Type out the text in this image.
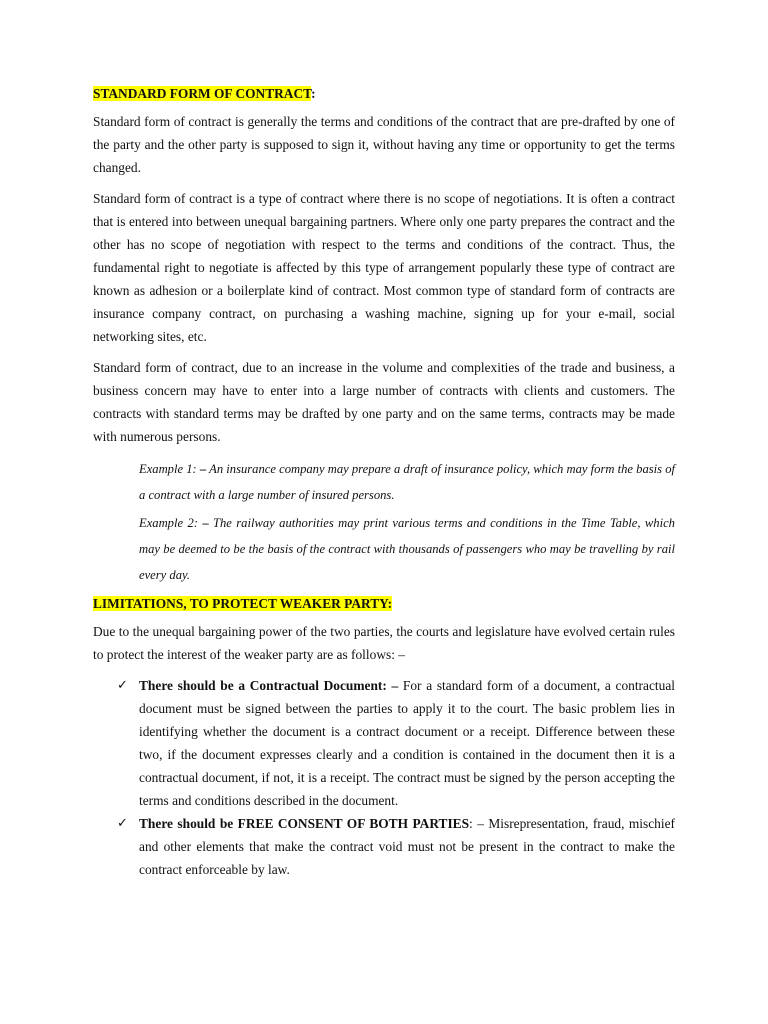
STANDARD FORM OF CONTRACT:

Standard form of contract is generally the terms and conditions of the contract that are pre-drafted by one of the party and the other party is supposed to sign it, without having any time or opportunity to get the terms changed.

Standard form of contract is a type of contract where there is no scope of negotiations. It is often a contract that is entered into between unequal bargaining partners. Where only one party prepares the contract and the other has no scope of negotiation with respect to the terms and conditions of the contract. Thus, the fundamental right to negotiate is affected by this type of arrangement popularly these type of contract are known as adhesion or a boilerplate kind of contract. Most common type of standard form of contracts are insurance company contract, on purchasing a washing machine, signing up for your e-mail, social networking sites, etc.

Standard form of contract, due to an increase in the volume and complexities of the trade and business, a business concern may have to enter into a large number of contracts with clients and customers. The contracts with standard terms may be drafted by one party and on the same terms, contracts may be made with numerous persons.

Example 1: – An insurance company may prepare a draft of insurance policy, which may form the basis of a contract with a large number of insured persons.

Example 2: – The railway authorities may print various terms and conditions in the Time Table, which may be deemed to be the basis of the contract with thousands of passengers who may be travelling by rail every day.

LIMITATIONS, TO PROTECT WEAKER PARTY:

Due to the unequal bargaining power of the two parties, the courts and legislature have evolved certain rules to protect the interest of the weaker party are as follows: –

✓ There should be a Contractual Document: – For a standard form of a document, a contractual document must be signed between the parties to apply it to the court. The basic problem lies in identifying whether the document is a contract document or a receipt. Difference between these two, if the document expresses clearly and a condition is contained in the document then it is a contractual document, if not, it is a receipt. The contract must be signed by the person accepting the terms and conditions described in the document.
✓ There should be FREE CONSENT OF BOTH PARTIES: – Misrepresentation, fraud, mischief and other elements that make the contract void must not be present in the contract to make the contract enforceable by law.
